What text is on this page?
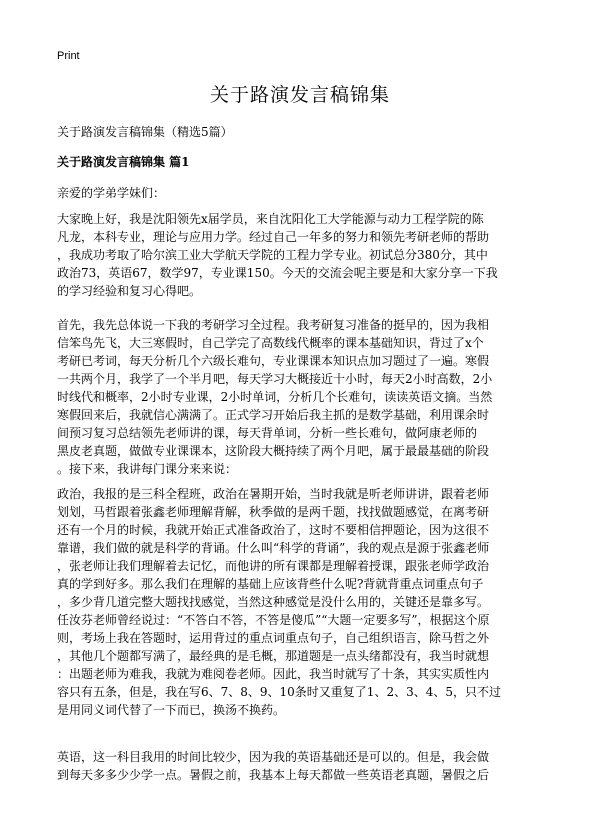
Print
关于路演发言稿锦集

关于路演发言稿锦集（精选5篇）

关于路演发言稿锦集 篇1

亲爱的学弟学妹们：

大家晚上好，我是沈阳领先x届学员，来自沈阳化工大学能源与动力工程学院的陈
凡龙，本科专业，理论与应用力学。经过自己一年多的努力和领先考研老师的帮助
，我成功考取了哈尔滨工业大学航天学院的工程力学专业。初试总分380分，其中
政治73，英语67，数学97，专业课150。今天的交流会呢主要是和大家分享一下我
的学习经验和复习心得吧。
首先，我先总体说一下我的考研学习全过程。我考研复习准备的挺早的，因为我相
信笨鸟先飞，大三寒假时，自己学完了高数线代概率的课本基础知识，背过了x个
考研已考词，每天分析几个六级长难句，专业课课本知识点加习题过了一遍。寒假
一共两个月，我学了一个半月吧，每天学习大概接近十小时，每天2小时高数，2小
时线代和概率，2小时专业课，2小时单词，分析几个长难句，读读英语文摘。当然
寒假回来后，我就信心满满了。正式学习开始后我主抓的是数学基础，利用课余时
间预习复习总结领先老师讲的课，每天背单词，分析一些长难句，做阿康老师的
黑皮老真题，做做专业课课本，这阶段大概持续了两个月吧，属于最最基础的阶段
。接下来，我讲每门课分来来说：
政治，我报的是三科全程班，政治在暑期开始，当时我就是听老师讲讲，跟着老师
划划，马哲跟着张鑫老师理解背解，秋季做的是两千题，找找做题感觉，在离考研
还有一个月的时候，我就开始正式准备政治了，这时不要相信押题论，因为这很不
靠谱，我们做的就是科学的背诵。什么叫“科学的背诵”，我的观点是源于张鑫老师
，张老师让我们理解着去记忆，而他讲的所有课都是理解着授课，跟张老师学政治
真的学到好多。那么我们在理解的基础上应该背些什么呢?背就背重点词重点句子
，多少背几道完整大题找找感觉，当然这种感觉是没什么用的，关键还是靠多写。
任汝芬老师曾经说过：“不答白不答，不答是傻瓜”“大题一定要多写”，根据这个原
则，考场上我在答题时，运用背过的重点词重点句子，自己组织语言，除马哲之外
，其他几个题都写满了，最经典的是毛概，那道题是一点头绪都没有，我当时就想
：出题老师为难我，我就为难阅卷老师。因此，我当时就写了十条，其实实质性内
容只有五条，但是，我在写6、7、8、9、10条时又重复了1、2、3、4、5，只不过
是用同义词代替了一下而已，换汤不换药。
英语，这一科目我用的时间比较少，因为我的英语基础还是可以的。但是，我会做
到每天多多少少学一点。暑假之前，我基本上每天都做一些英语老真题，暑假之后
